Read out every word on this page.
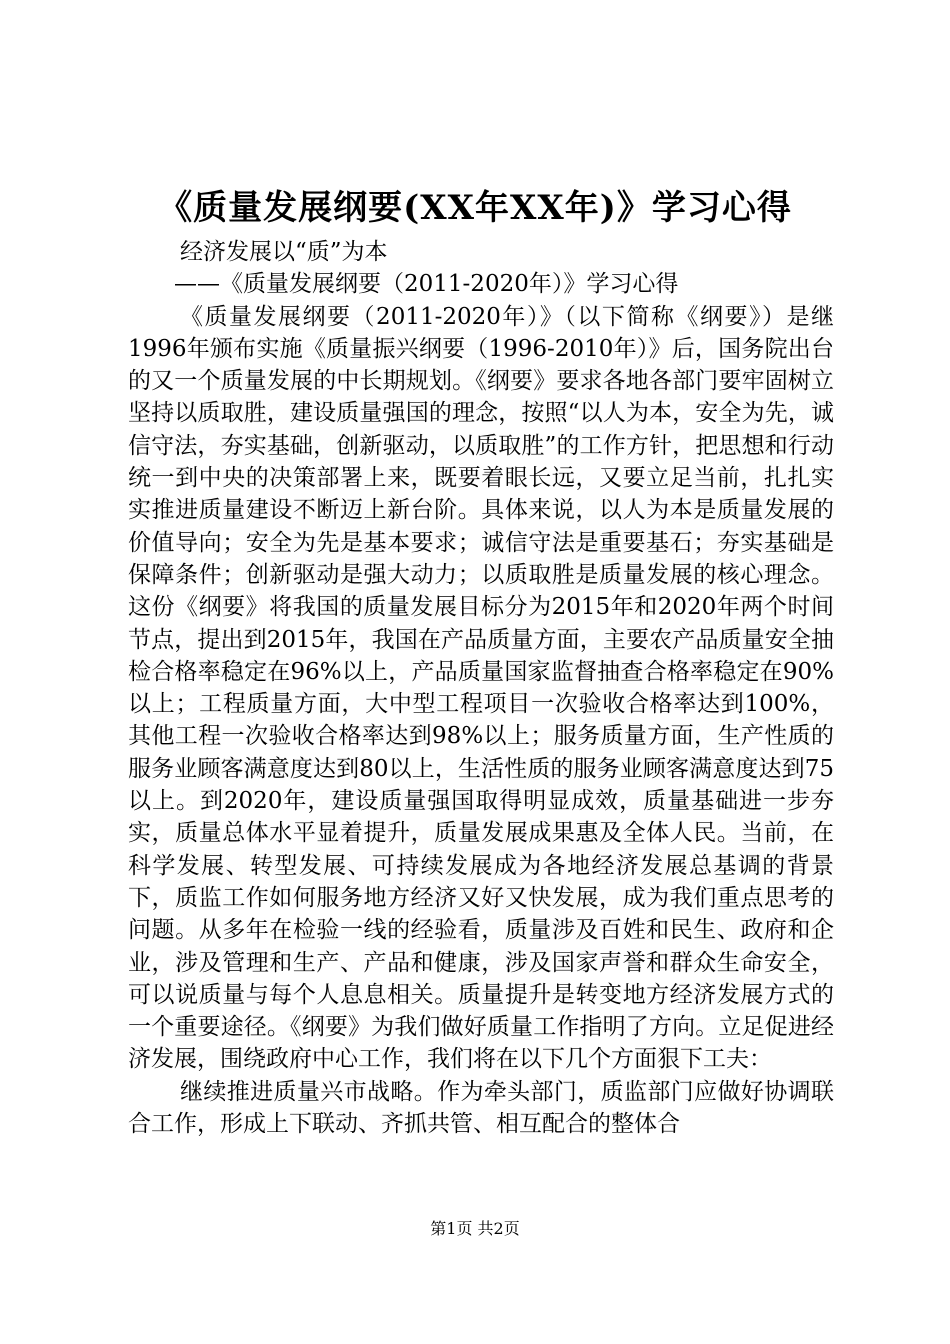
《质量发展纲要(XX年XX年)》学习心得

经济发展以“质”为本

——《质量发展纲要（2011-2020年）》学习心得

《质量发展纲要（2011-2020年）》（以下简称《纲要》）是继1996年颁布实施《质量振兴纲要（1996-2010年）》后，国务院出台的又一个质量发展的中长期规划。《纲要》要求各地各部门要牢固树立坚持以质取胜，建设质量强国的理念，按照“以人为本，安全为先，诚信守法，夯实基础，创新驱动，以质取胜”的工作方针，把思想和行动统一到中央的决策部署上来，既要着眼长远，又要立足当前，扎扎实实推进质量建设不断迈上新台阶。具体来说，以人为本是质量发展的价值导向；安全为先是基本要求；诚信守法是重要基石；夯实基础是保障条件；创新驱动是强大动力；以质取胜是质量发展的核心理念。这份《纲要》将我国的质量发展目标分为2015年和2020年两个时间节点，提出到2015年，我国在产品质量方面，主要农产品质量安全抽检合格率稳定在96%以上，产品质量国家监督抽查合格率稳定在90%以上；工程质量方面，大中型工程项目一次验收合格率达到100%，其他工程一次验收合格率达到98%以上；服务质量方面，生产性质的服务业顾客满意度达到80以上，生活性质的服务业顾客满意度达到75以上。到2020年，建设质量强国取得明显成效，质量基础进一步夯实，质量总体水平显着提升，质量发展成果惠及全体人民。当前，在科学发展、转型发展、可持续发展成为各地经济发展总基调的背景下，质监工作如何服务地方经济又好又快发展，成为我们重点思考的问题。从多年在检验一线的经验看，质量涉及百姓和民生、政府和企业，涉及管理和生产、产品和健康，涉及国家声誉和群众生命安全，可以说质量与每个人息息相关。质量提升是转变地方经济发展方式的一个重要途径。《纲要》为我们做好质量工作指明了方向。立足促进经济发展，围绕政府中心工作，我们将在以下几个方面狠下工夫：

继续推进质量兴市战略。作为牵头部门，质监部门应做好协调联合工作，形成上下联动、齐抓共管、相互配合的整体合

第1页 共2页
